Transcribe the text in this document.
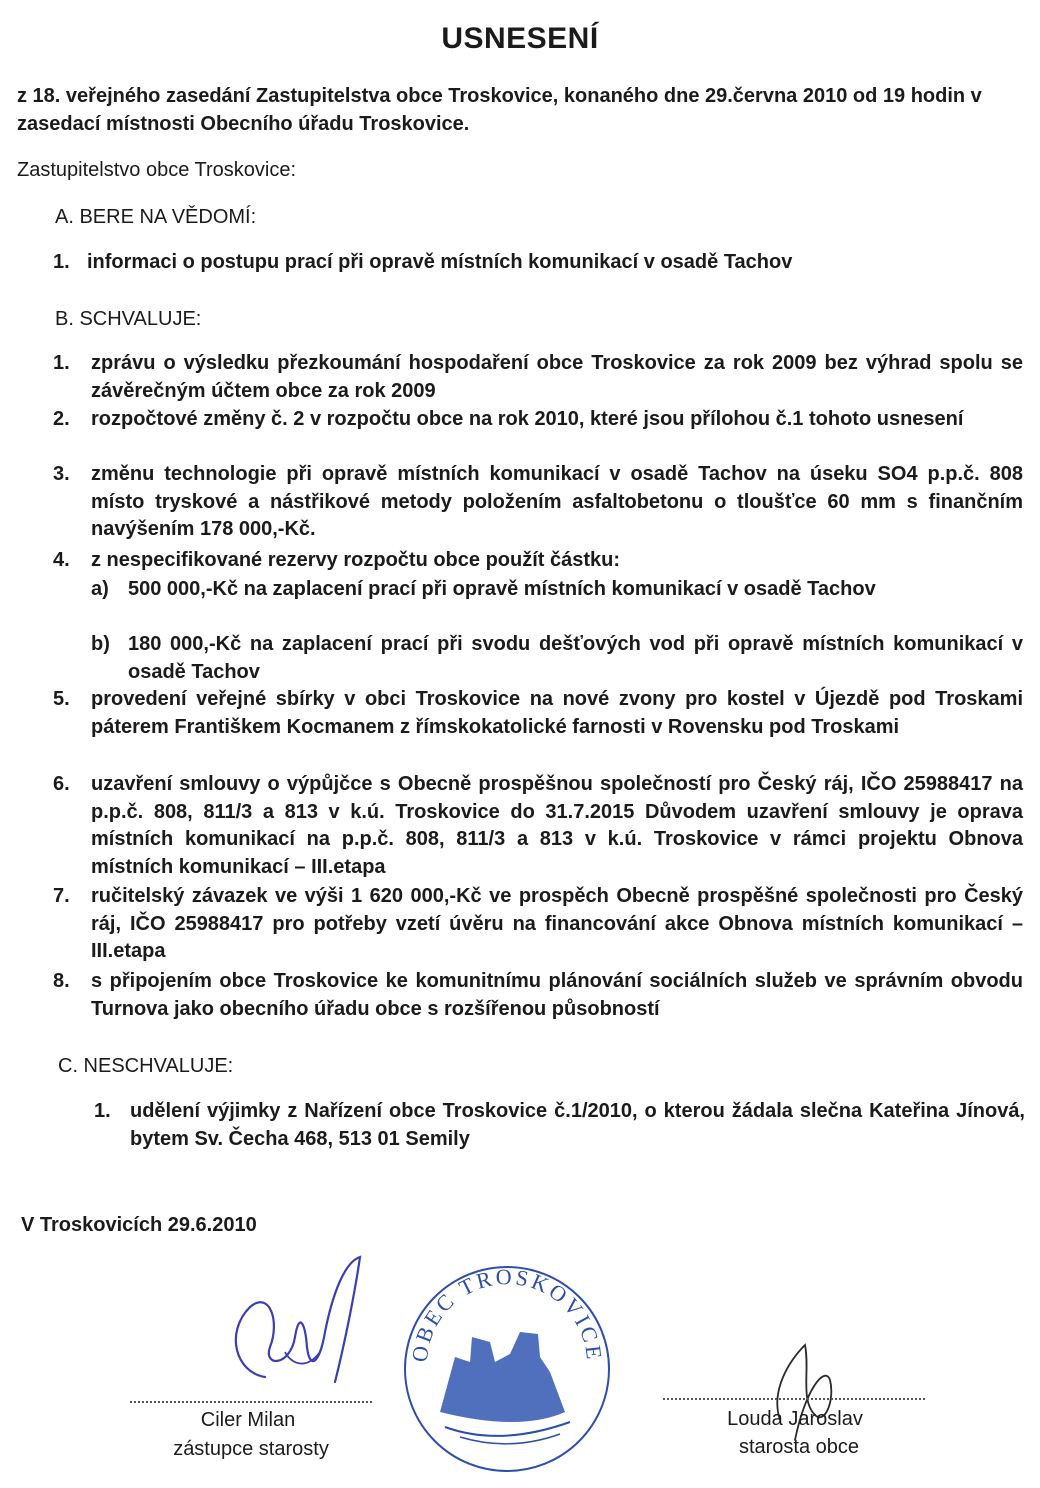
USNESENÍ
z 18. veřejného zasedání Zastupitelstva obce Troskovice, konaného dne 29.června 2010 od 19 hodin v zasedací místnosti Obecního úřadu Troskovice.
Zastupitelstvo obce Troskovice:
A. BERE NA VĚDOMÍ:
1. informaci o postupu prací při opravě místních komunikací v osadě Tachov
B. SCHVALUJE:
1. zprávu o výsledku přezkoumání hospodaření obce Troskovice za rok 2009 bez výhrad spolu se závěrečným účtem obce za rok 2009
2. rozpočtové změny č. 2 v rozpočtu obce na rok 2010, které jsou přílohou č.1 tohoto usnesení
3. změnu technologie při opravě místních komunikací v osadě Tachov na úseku SO4 p.p.č. 808 místo tryskové a nástřikové metody položením asfaltobetonu o tloušťce 60 mm s finančním navýšením 178 000,-Kč.
4. z nespecifikované rezervy rozpočtu obce použít částku:
a) 500 000,-Kč na zaplacení prací při opravě místních komunikací v osadě Tachov
b) 180 000,-Kč na zaplacení prací při svodu dešťových vod při opravě místních komunikací v osadě Tachov
5. provedení veřejné sbírky v obci Troskovice na nové zvony pro kostel v Újezdě pod Troskami páterem Františkem Kocmanem z římskokatolické farnosti v Rovensku pod Troskami
6. uzavření smlouvy o výpůjčce s Obecně prospěšnou společností pro Český ráj, IČO 25988417 na p.p.č. 808, 811/3 a 813 v k.ú. Troskovice do 31.7.2015 Důvodem uzavření smlouvy je oprava místních komunikací na p.p.č. 808, 811/3 a 813 v k.ú. Troskovice v rámci projektu Obnova místních komunikací – III.etapa
7. ručitelský závazek ve výši 1 620 000,-Kč ve prospěch Obecně prospěšné společnosti pro Český ráj, IČO 25988417 pro potřeby vzetí úvěru na financování akce Obnova místních komunikací – III.etapa
8. s připojením obce Troskovice ke komunitnímu plánování sociálních služeb ve správním obvodu Turnova jako obecního úřadu obce s rozšířenou působností
C. NESCHVALUJE:
1. udělení výjimky z Nařízení obce Troskovice č.1/2010, o kterou žádala slečna Kateřina Jínová, bytem Sv. Čecha 468, 513 01 Semily
V Troskovicích 29.6.2010
Ciler Milan
zástupce starosty
OBEC TROSKOVICE
Louda Jaroslav
starosta obce
